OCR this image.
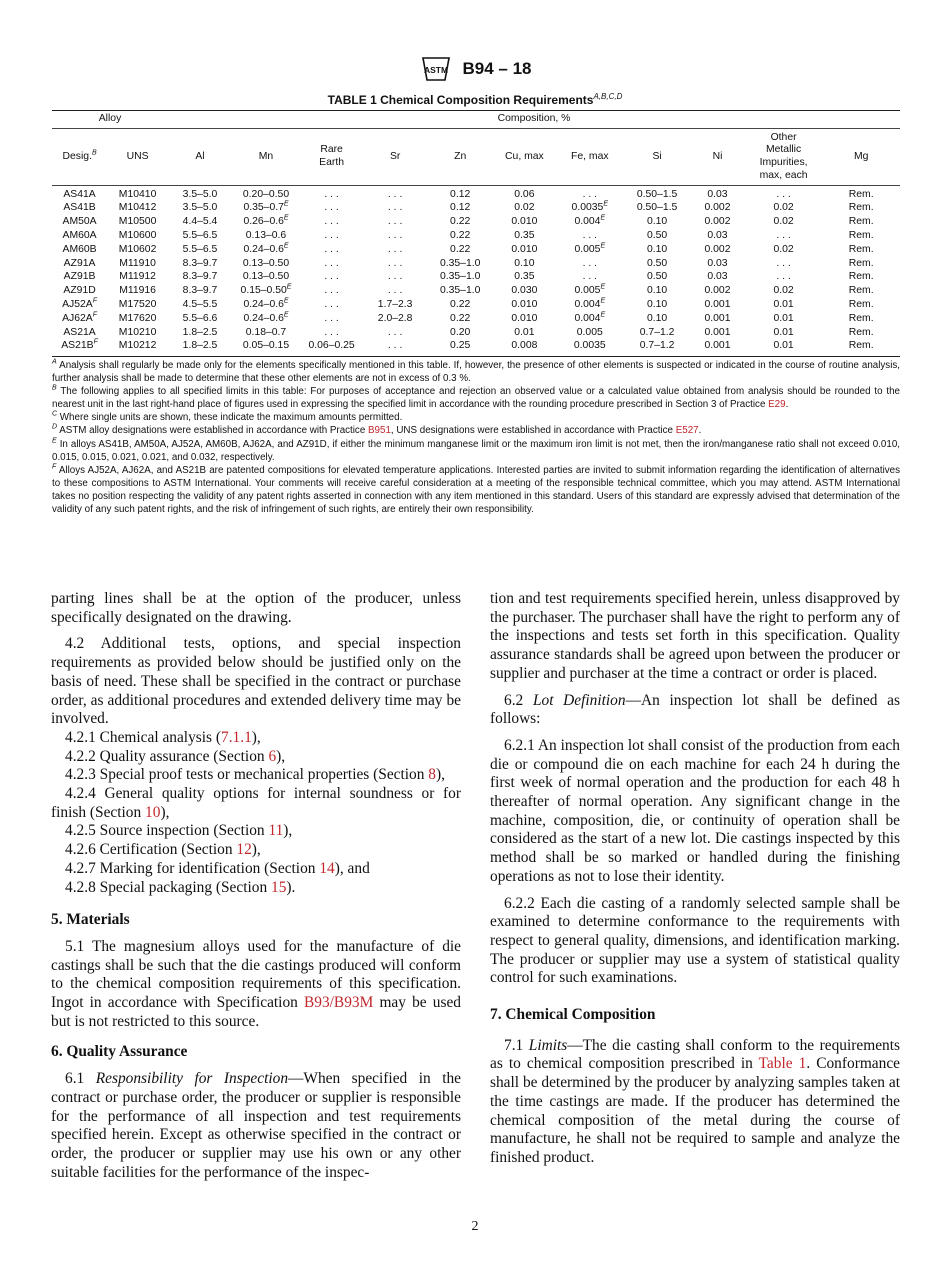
ASTM B94 – 18
TABLE 1 Chemical Composition Requirements$^{A,B,C,D}$
Alloy		Composition, %										
Desig.$^B$	UNS	Al	Mn	Rare Earth	Sr	Zn	Cu, max	Fe, max	Si	Ni	Other Metallic Impurities, max, each	Mg
AS41A	M10410	3.5–5.0	0.20–0.50	. . .	. . .	0.12	0.06	. . .	0.50–1.5	0.03	. . .	Rem.
AS41B	M10412	3.5–5.0	$0.35-0.7^E$	. . .	. . .	0.12	0.02	$0.0035^E$	0.50–1.5	0.002	0.02	Rem.
AM50A	M10500	4.4–5.4	$0.26-0.6^E$	. . .	. . .	0.22	0.010	$0.004^E$	0.10	0.002	0.02	Rem.
AM60A	M10600	5.5–6.5	0.13–0.6	. . .	. . .	0.22	0.35	. . .	0.50	0.03	. . .	Rem.
AM60B	M10602	5.5–6.5	$0.24-0.6^E$	. . .	. . .	0.22	0.010	$0.005^E$	0.10	0.002	0.02	Rem.
AZ91A	M11910	8.3–9.7	0.13–0.50	. . .	. . .	0.35–1.0	0.10	. . .	0.50	0.03	. . .	Rem.
AZ91B	M11912	8.3–9.7	0.13–0.50	. . .	. . .	0.35–1.0	0.35	. . .	0.50	0.03	. . .	Rem.
AZ91D	M11916	8.3–9.7	$0.15-0.50^E$	. . .	. . .	0.35–1.0	0.030	$0.005^E$	0.10	0.002	0.02	Rem.
$AJ52A^F$	M17520	4.5–5.5	$0.24-0.6^E$	. . .	1.7–2.3	0.22	0.010	$0.004^E$	0.10	0.001	0.01	Rem.
$AJ62A^F$	M17620	5.5–6.6	$0.24-0.6^E$	. . .	2.0–2.8	0.22	0.010	$0.004^E$	0.10	0.001	0.01	Rem.
AS21A	M10210	1.8–2.5	0.18–0.7	. . .	. . .	0.20	0.01	0.005	0.7–1.2	0.001	0.01	Rem.
$AS21B^F$	M10212	1.8–2.5	0.05–0.15	0.06–0.25	. . .	0.25	0.008	0.0035	0.7–1.2	0.001	0.01	Rem.

$^A$ Analysis shall regularly be made only for the elements specifically mentioned in this table. If, however, the presence of other elements is suspected or indicated in the course of routine analysis, further analysis shall be made to determine that these other elements are not in excess of 0.3 %.

$^B$ The following applies to all specified limits in this table: For purposes of acceptance and rejection an observed value or a calculated value obtained from analysis should be rounded to the nearest unit in the last right-hand place of figures used in expressing the specified limit in accordance with the rounding procedure prescribed in Section 3 of Practice E29.

$^C$ Where single units are shown, these indicate the maximum amounts permitted.

$^D$ ASTM alloy designations were established in accordance with Practice B951, UNS designations were established in accordance with Practice E527.

$^E$ In alloys AS41B, AM50A, AJ52A, AM60B, AJ62A, and AZ91D, if either the minimum manganese limit or the maximum iron limit is not met, then the iron/manganese ratio shall not exceed 0.010, 0.015, 0.015, 0.021, 0.021, and 0.032, respectively.

$^F$ Alloys AJ52A, AJ62A, and AS21B are patented compositions for elevated temperature applications. Interested parties are invited to submit information regarding the identification of alternatives to these compositions to ASTM International. Your comments will receive careful consideration at a meeting of the responsible technical committee, which you may attend. ASTM International takes no position respecting the validity of any patent rights asserted in connection with any item mentioned in this standard. Users of this standard are expressly advised that determination of the validity of any such patent rights, and the risk of infringement of such rights, are entirely their own responsibility.

parting lines shall be at the option of the producer, unless specifically designated on the drawing.

4.2 Additional tests, options, and special inspection requirements as provided below should be justified only on the basis of need. These shall be specified in the contract or purchase order, as additional procedures and extended delivery time may be involved.

4.2.1 Chemical analysis (7.1.1),

4.2.2 Quality assurance (Section 6),

4.2.3 Special proof tests or mechanical properties (Section 8),

4.2.4 General quality options for internal soundness or for finish (Section 10),

4.2.5 Source inspection (Section 11),

4.2.6 Certification (Section 12),

4.2.7 Marking for identification (Section 14), and

4.2.8 Special packaging (Section 15).

5. Materials

5.1 The magnesium alloys used for the manufacture of die castings shall be such that the die castings produced will conform to the chemical composition requirements of this specification. Ingot in accordance with Specification B93/B93M may be used but is not restricted to this source.

6. Quality Assurance

6.1 Responsibility for Inspection—When specified in the contract or purchase order, the producer or supplier is responsible for the performance of all inspection and test requirements specified herein. Except as otherwise specified in the contract or order, the producer or supplier may use his own or any other suitable facilities for the performance of the inspec-

tion and test requirements specified herein, unless disapproved by the purchaser. The purchaser shall have the right to perform any of the inspections and tests set forth in this specification. Quality assurance standards shall be agreed upon between the producer or supplier and purchaser at the time a contract or order is placed.

6.2 Lot Definition—An inspection lot shall be defined as follows:

6.2.1 An inspection lot shall consist of the production from each die or compound die on each machine for each 24 h during the first week of normal operation and the production for each 48 h thereafter of normal operation. Any significant change in the machine, composition, die, or continuity of operation shall be considered as the start of a new lot. Die castings inspected by this method shall be so marked or handled during the finishing operations as not to lose their identity.

6.2.2 Each die casting of a randomly selected sample shall be examined to determine conformance to the requirements with respect to general quality, dimensions, and identification marking. The producer or supplier may use a system of statistical quality control for such examinations.

7. Chemical Composition

7.1 Limits—The die casting shall conform to the requirements as to chemical composition prescribed in Table 1. Conformance shall be determined by the producer by analyzing samples taken at the time castings are made. If the producer has determined the chemical composition of the metal during the course of manufacture, he shall not be required to sample and analyze the finished product.

2
